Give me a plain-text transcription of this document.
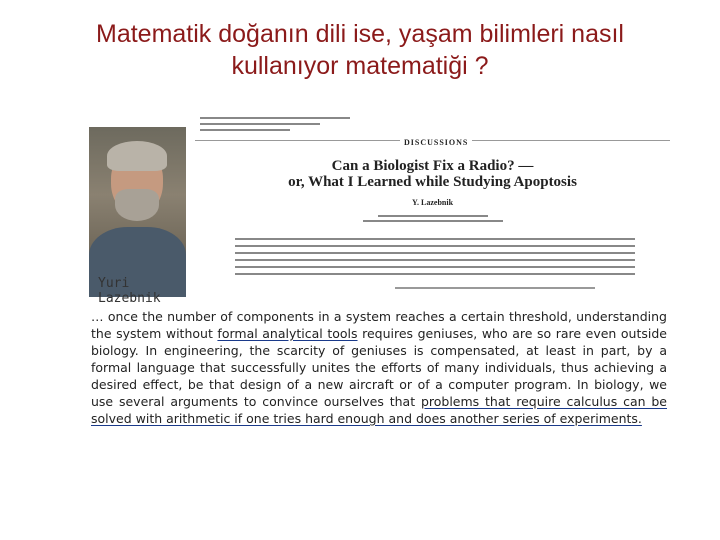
Matematik doğanın dili ise, yaşam bilimleri nasıl
kullanıyor matematiği ?
Yuri Lazebnik
DISCUSSIONS
Can a Biologist Fix a Radio? —
or, What I Learned while Studying Apoptosis
Y. Lazebnik

… once the number of components in a system reaches a certain threshold, understanding the system without formal analytical tools requires geniuses, who are so rare even outside biology. In engineering, the scarcity of geniuses is compensated, at least in part, by a formal language that successfully unites the efforts of many individuals, thus achieving a desired effect, be that design of a new aircraft or of a computer program. In biology, we use several arguments to convince ourselves that problems that require calculus can be solved with arithmetic if one tries hard enough and does another series of experiments.
